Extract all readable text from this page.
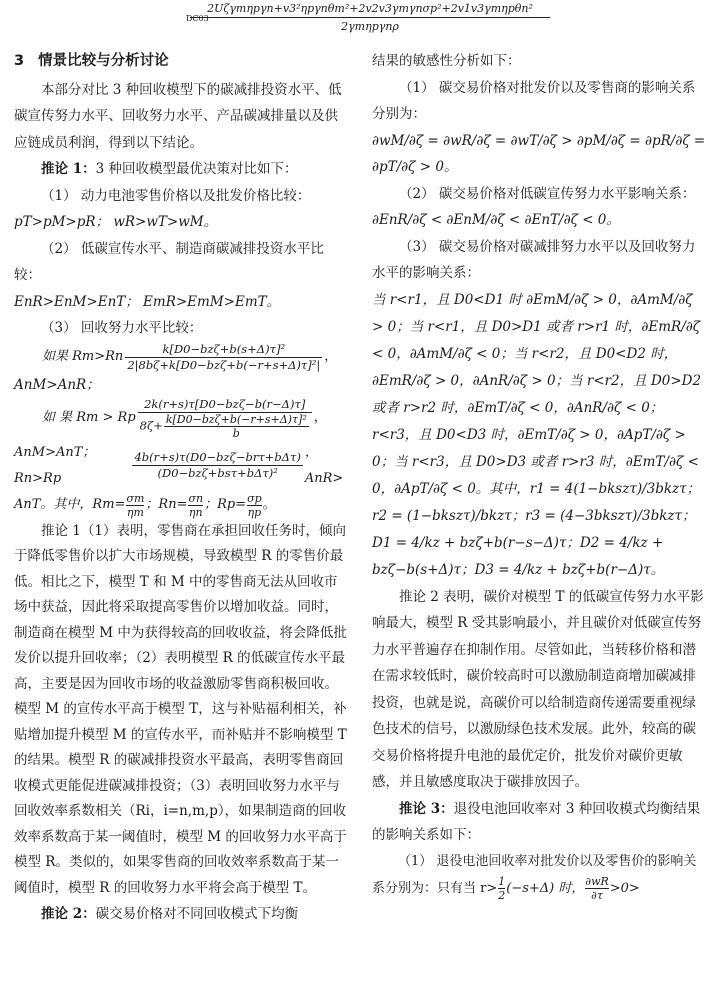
DC03
2Uζγmηpγn+v3²ηpγnθm²+2v2v3γmγnσp²+2v1v3γmηpθn²
2γmηpγnρ
3 情景比较与分析讨论

本部分对比 3 种回收模型下的碳减排投资水平、低碳宣传努力水平、回收努力水平、产品碳减排量以及供应链成员利润，得到以下结论。

推论 1：3 种回收模型最优决策对比如下：

（1） 动力电池零售价格以及批发价格比较：

pT>pM>pR； wR>wT>wM。

（2） 低碳宣传水平、制造商碳减排投资水平比较：

EnR>EnM>EnT； EmR>EmM>EmT。

（3） 回收努力水平比较：

如果 $Rm>Rn \frac{\text{k[D0−bzζ+b(s+Δ)τ]²}}{\text{2|8bζ+k[D0−bzζ+b(−r+s+Δ)τ]²|}}$ ，

AnM>AnR；

如 果 Rm > Rp 2k(r+s)τ[D0−bzζ−b(r−Δ)τ]
8ζ+ k[D0−bzζ+b(−r+s+Δ)τ]²
b ，
AnM>AnT； Rn>Rp	$\frac{\text{4b(r+s)τ(D0−bzζ−brτ+bΔτ)}}{\text{(D0−bzζ+bsτ+bΔτ)²}}$ ，AnR>
AnT。其中，$Rm= \frac{\sigma m}{\eta m}$ ；$Rn= \frac{\sigma n}{\eta n}$ ；$Rp= \frac{\sigma p}{\eta p}$ 。

推论 1（1）表明，零售商在承担回收任务时，倾向于降低零售价以扩大市场规模，导致模型 R 的零售价最低。相比之下，模型 T 和 M 中的零售商无法从回收市场中获益，因此将采取提高零售价以增加收益。同时，制造商在模型 M 中为获得较高的回收收益，将会降低批发价以提升回收率；（2）表明模型 R 的低碳宣传水平最高，主要是因为回收市场的收益激励零售商积极回收。模型 M 的宣传水平高于模型 T，这与补贴福利相关，补贴增加提升模型 M 的宣传水平，而补贴并不影响模型 T 的结果。模型 R 的碳减排投资水平最高，表明零售商回收模式更能促进碳减排投资；（3）表明回收努力水平与回收效率系数相关（Ri，i=n,m,p），如果制造商的回收效率系数高于某一阈值时，模型 M 的回收努力水平高于模型 R。类似的，如果零售商的回收效率系数高于某一阈值时，模型 R 的回收努力水平将会高于模型 T。

推论 2：碳交易价格对不同回收模式下均衡

结果的敏感性分析如下：

（1） 碳交易价格对批发价以及零售商的影响关系分别为：

∂wM/∂ζ = ∂wR/∂ζ = ∂wT/∂ζ > ∂pM/∂ζ = ∂pR/∂ζ = ∂pT/∂ζ > 0。

（2） 碳交易价格对低碳宣传努力水平影响关系：

∂EnR/∂ζ < ∂EnM/∂ζ < ∂EnT/∂ζ < 0。

（3） 碳交易价格对碳减排努力水平以及回收努力水平的影响关系：

当 r<r1，且 D0<D1 时 ∂EmM/∂ζ > 0，∂AmM/∂ζ > 0；当 r<r1，且 D0>D1 或者 r>r1 时，∂EmR/∂ζ < 0，∂AmM/∂ζ < 0；当 r<r2，且 D0<D2 时，∂EmR/∂ζ > 0，∂AnR/∂ζ > 0；当 r<r2，且 D0>D2 或者 r>r2 时，∂EmT/∂ζ < 0，∂AnR/∂ζ < 0；r<r3，且 D0<D3 时，∂EmT/∂ζ > 0，∂ApT/∂ζ > 0；当 r<r3，且 D0>D3 或者 r>r3 时，∂EmT/∂ζ < 0，∂ApT/∂ζ < 0。其中，r1 = 4(1−bkszτ)/3bkzτ；r2 = (1−bkszτ)/bkzτ；r3 = (4−3bkszτ)/3bkzτ；D1 = 4/kz + bzζ+b(r−s−Δ)τ；D2 = 4/kz + bzζ−b(s+Δ)τ；D3 = 4/kz + bzζ+b(r−Δ)τ。

推论 2 表明，碳价对模型 T 的低碳宣传努力水平影响最大，模型 R 受其影响最小，并且碳价对低碳宣传努力水平普遍存在抑制作用。尽管如此，当转移价格和潜在需求较低时，碳价较高时可以激励制造商增加碳减排投资，也就是说，高碳价可以给制造商传递需要重视绿色技术的信号，以激励绿色技术发展。此外，较高的碳交易价格将提升电池的最优定价，批发价对碳价更敏感，并且敏感度取决于碳排放因子。

推论 3：退役电池回收率对 3 种回收模式均衡结果的影响关系如下：

（1） 退役电池回收率对批发价以及零售价的影响关系分别为：只有当 $r> \frac{1}{2} (-s+\Delta)$ 时， $\frac{\partial wR}{\partial\tau} >0>$
